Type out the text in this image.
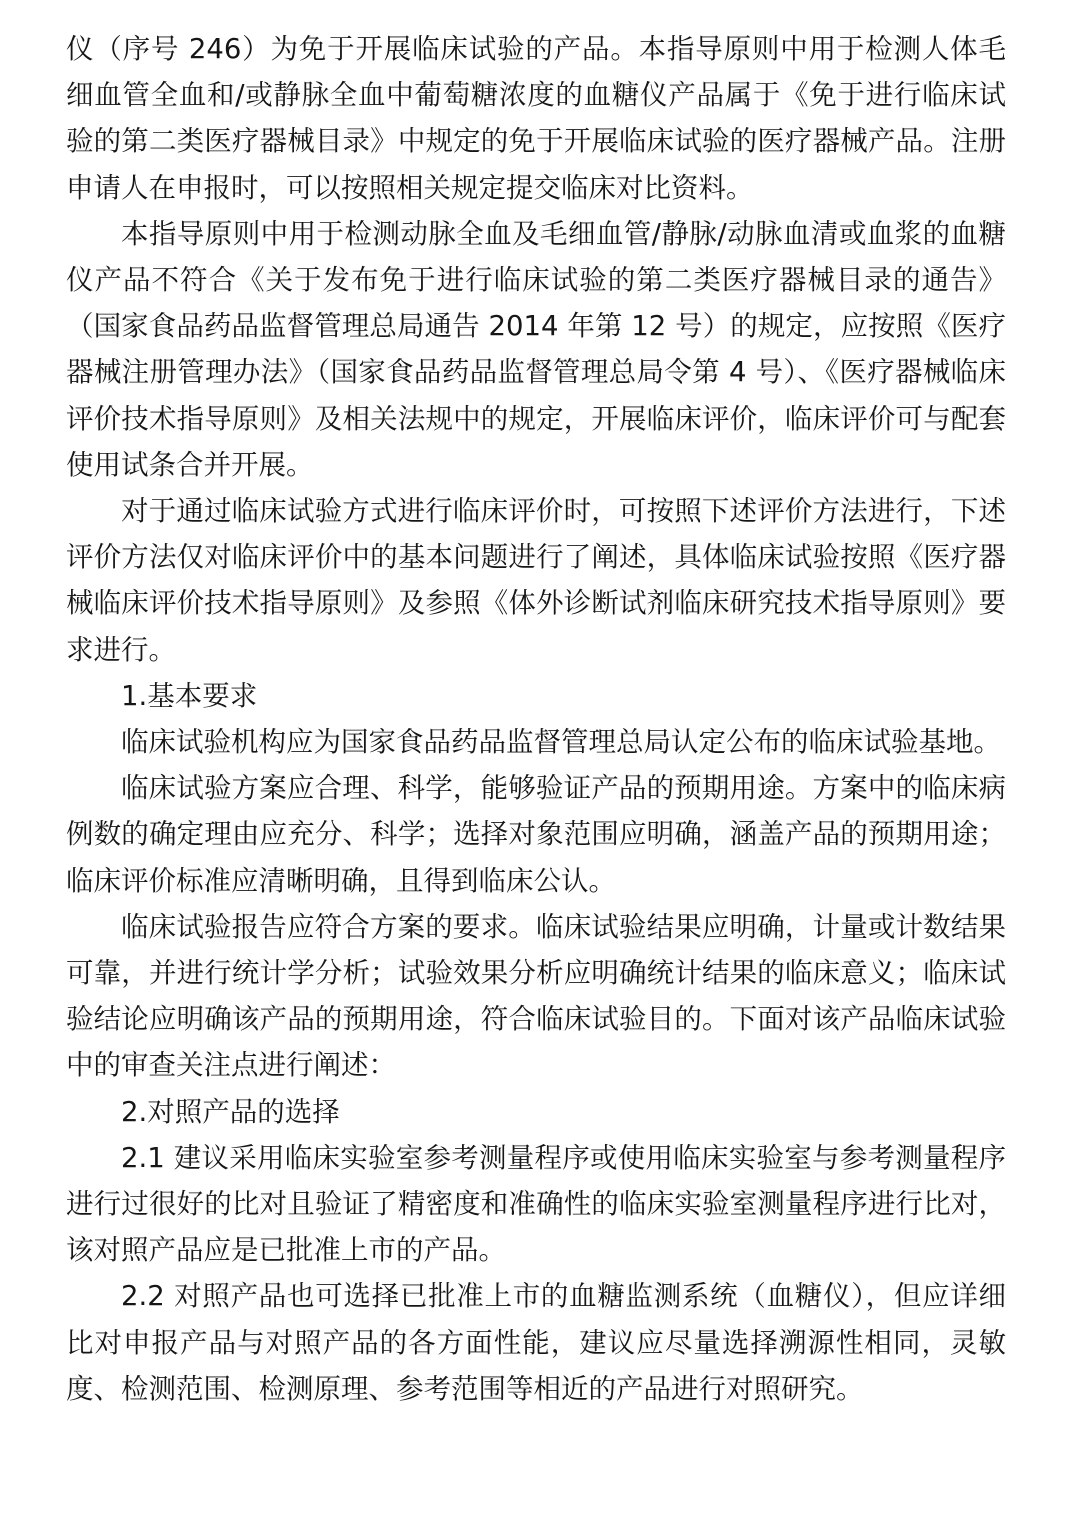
仪（序号 246）为免于开展临床试验的产品。本指导原则中用于检测人体毛细血管全血和/或静脉全血中葡萄糖浓度的血糖仪产品属于《免于进行临床试验的第二类医疗器械目录》中规定的免于开展临床试验的医疗器械产品。注册申请人在申报时，可以按照相关规定提交临床对比资料。

本指导原则中用于检测动脉全血及毛细血管/静脉/动脉血清或血浆的血糖仪产品不符合《关于发布免于进行临床试验的第二类医疗器械目录的通告》（国家食品药品监督管理总局通告 2014 年第 12 号）的规定，应按照《医疗器械注册管理办法》（国家食品药品监督管理总局令第 4 号）、《医疗器械临床评价技术指导原则》及相关法规中的规定，开展临床评价，临床评价可与配套使用试条合并开展。

对于通过临床试验方式进行临床评价时，可按照下述评价方法进行，下述评价方法仅对临床评价中的基本问题进行了阐述，具体临床试验按照《医疗器械临床评价技术指导原则》及参照《体外诊断试剂临床研究技术指导原则》要求进行。

1.基本要求

临床试验机构应为国家食品药品监督管理总局认定公布的临床试验基地。

临床试验方案应合理、科学，能够验证产品的预期用途。方案中的临床病例数的确定理由应充分、科学；选择对象范围应明确，涵盖产品的预期用途；临床评价标准应清晰明确，且得到临床公认。

临床试验报告应符合方案的要求。临床试验结果应明确，计量或计数结果可靠，并进行统计学分析；试验效果分析应明确统计结果的临床意义；临床试验结论应明确该产品的预期用途，符合临床试验目的。下面对该产品临床试验中的审查关注点进行阐述：

2.对照产品的选择

2.1 建议采用临床实验室参考测量程序或使用临床实验室与参考测量程序进行过很好的比对且验证了精密度和准确性的临床实验室测量程序进行比对，该对照产品应是已批准上市的产品。

2.2 对照产品也可选择已批准上市的血糖监测系统（血糖仪），但应详细比对申报产品与对照产品的各方面性能，建议应尽量选择溯源性相同，灵敏度、检测范围、检测原理、参考范围等相近的产品进行对照研究。
